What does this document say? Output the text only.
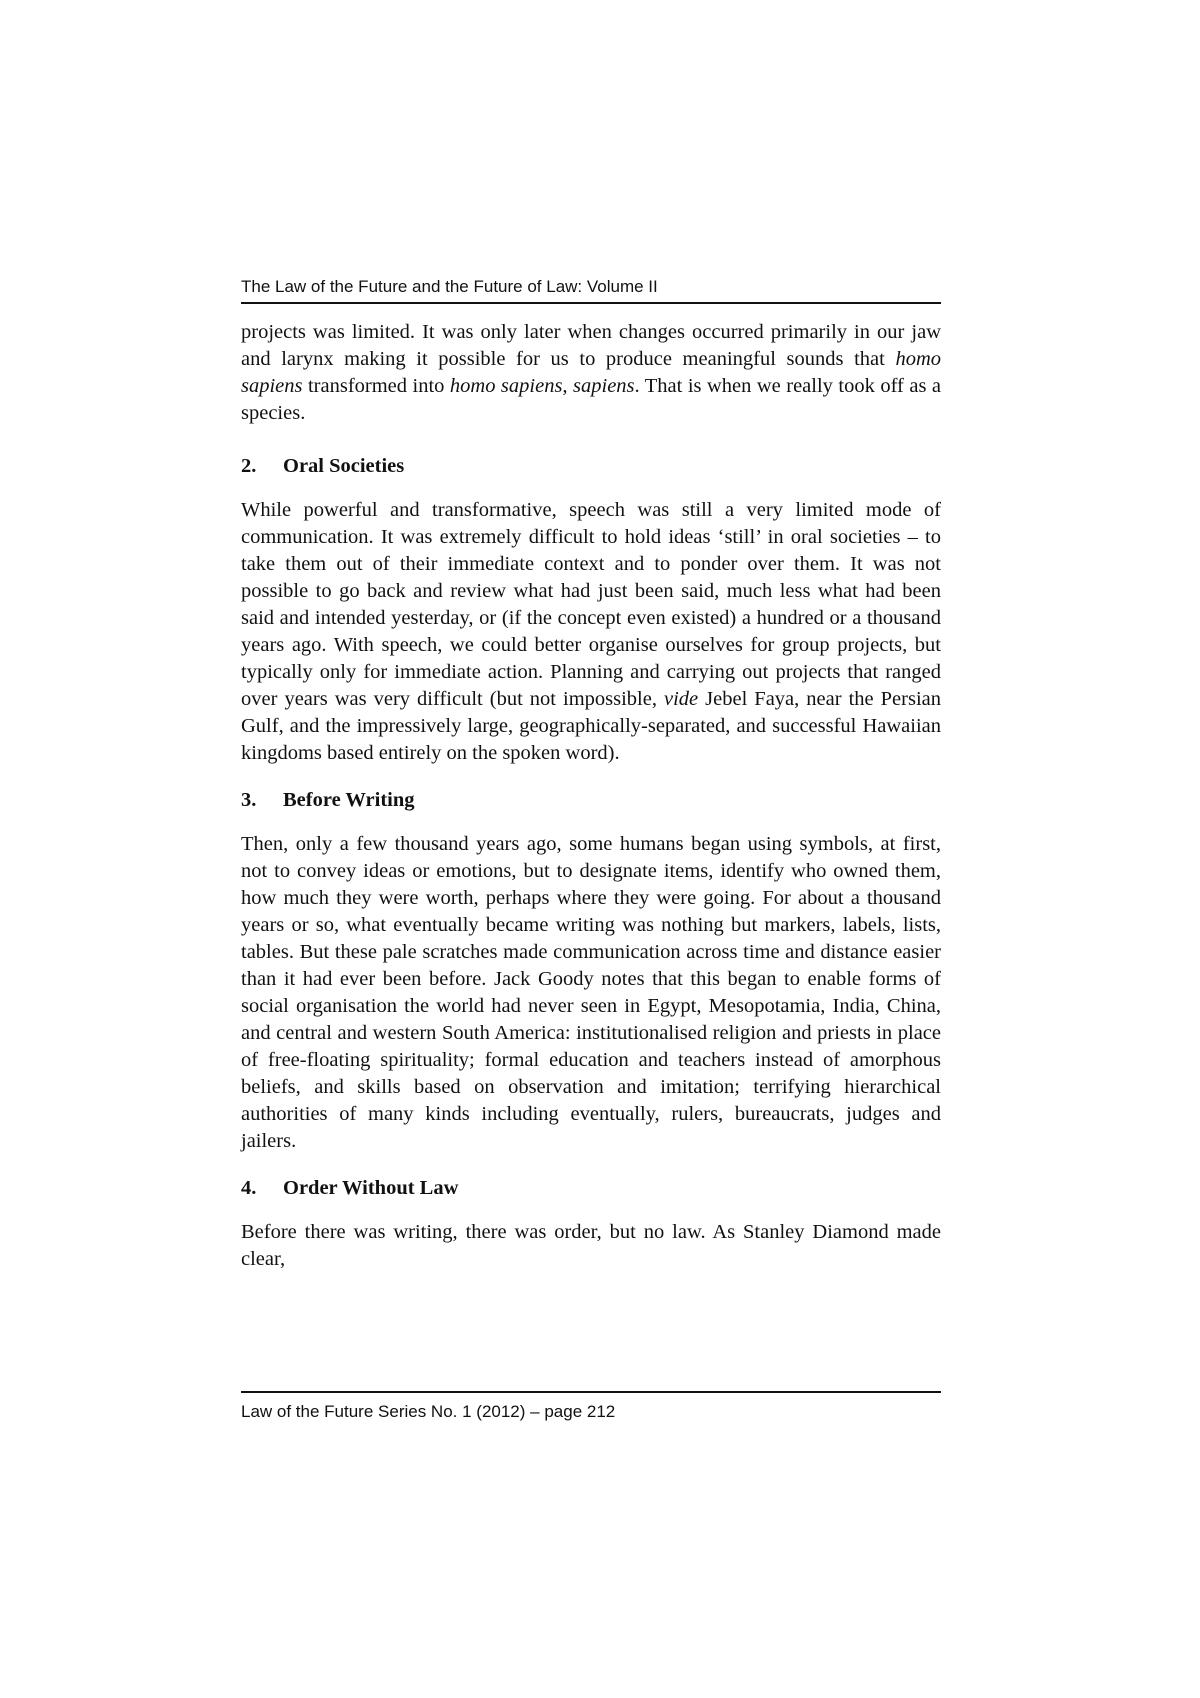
The Law of the Future and the Future of Law: Volume II

projects was limited. It was only later when changes occurred primarily in our jaw and larynx making it possible for us to produce meaningful sounds that homo sapiens transformed into homo sapiens, sapiens. That is when we really took off as a species.

2. Oral Societies

While powerful and transformative, speech was still a very limited mode of communication. It was extremely difficult to hold ideas ‘still’ in oral societies – to take them out of their immediate context and to ponder over them. It was not possible to go back and review what had just been said, much less what had been said and intended yesterday, or (if the concept even existed) a hundred or a thousand years ago. With speech, we could better organise ourselves for group projects, but typically only for immediate action. Planning and carrying out projects that ranged over years was very difficult (but not impossible, vide Jebel Faya, near the Persian Gulf, and the impressively large, geographically-separated, and successful Hawaiian kingdoms based entirely on the spoken word).

3. Before Writing

Then, only a few thousand years ago, some humans began using symbols, at first, not to convey ideas or emotions, but to designate items, identify who owned them, how much they were worth, perhaps where they were going. For about a thousand years or so, what eventually became writing was nothing but markers, labels, lists, tables. But these pale scratches made communication across time and distance easier than it had ever been before. Jack Goody notes that this began to enable forms of social organisation the world had never seen in Egypt, Mesopotamia, India, China, and central and western South America: institutionalised religion and priests in place of free-floating spirituality; formal education and teachers instead of amorphous beliefs, and skills based on observation and imitation; terrifying hierarchical authorities of many kinds including eventually, rulers, bureaucrats, judges and jailers.

4. Order Without Law

Before there was writing, there was order, but no law. As Stanley Diamond made clear,

Law of the Future Series No. 1 (2012) – page 212
